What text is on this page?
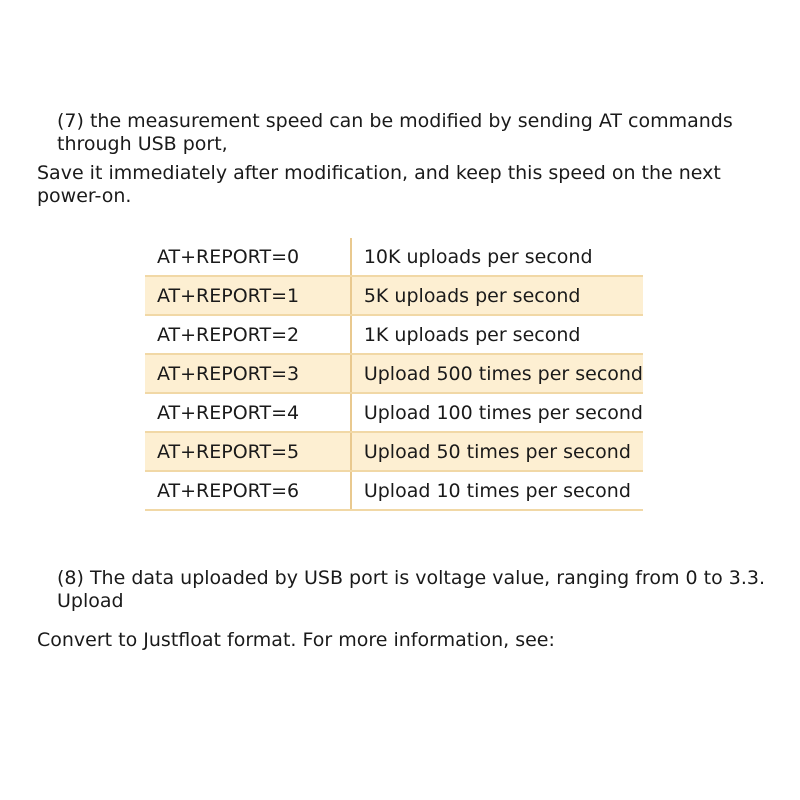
(7) the measurement speed can be modified by sending AT commands

through USB port,

Save it immediately after modification, and keep this speed on the next

power-on.

AT+REPORT=0	10K uploads per second
AT+REPORT=1	5K uploads per second
AT+REPORT=2	1K uploads per second
AT+REPORT=3	Upload 500 times per second
AT+REPORT=4	Upload 100 times per second
AT+REPORT=5	Upload 50 times per second
AT+REPORT=6	Upload 10 times per second

(8) The data uploaded by USB port is voltage value, ranging from 0 to 3.3.

Upload

Convert to Justfloat format. For more information, see:
